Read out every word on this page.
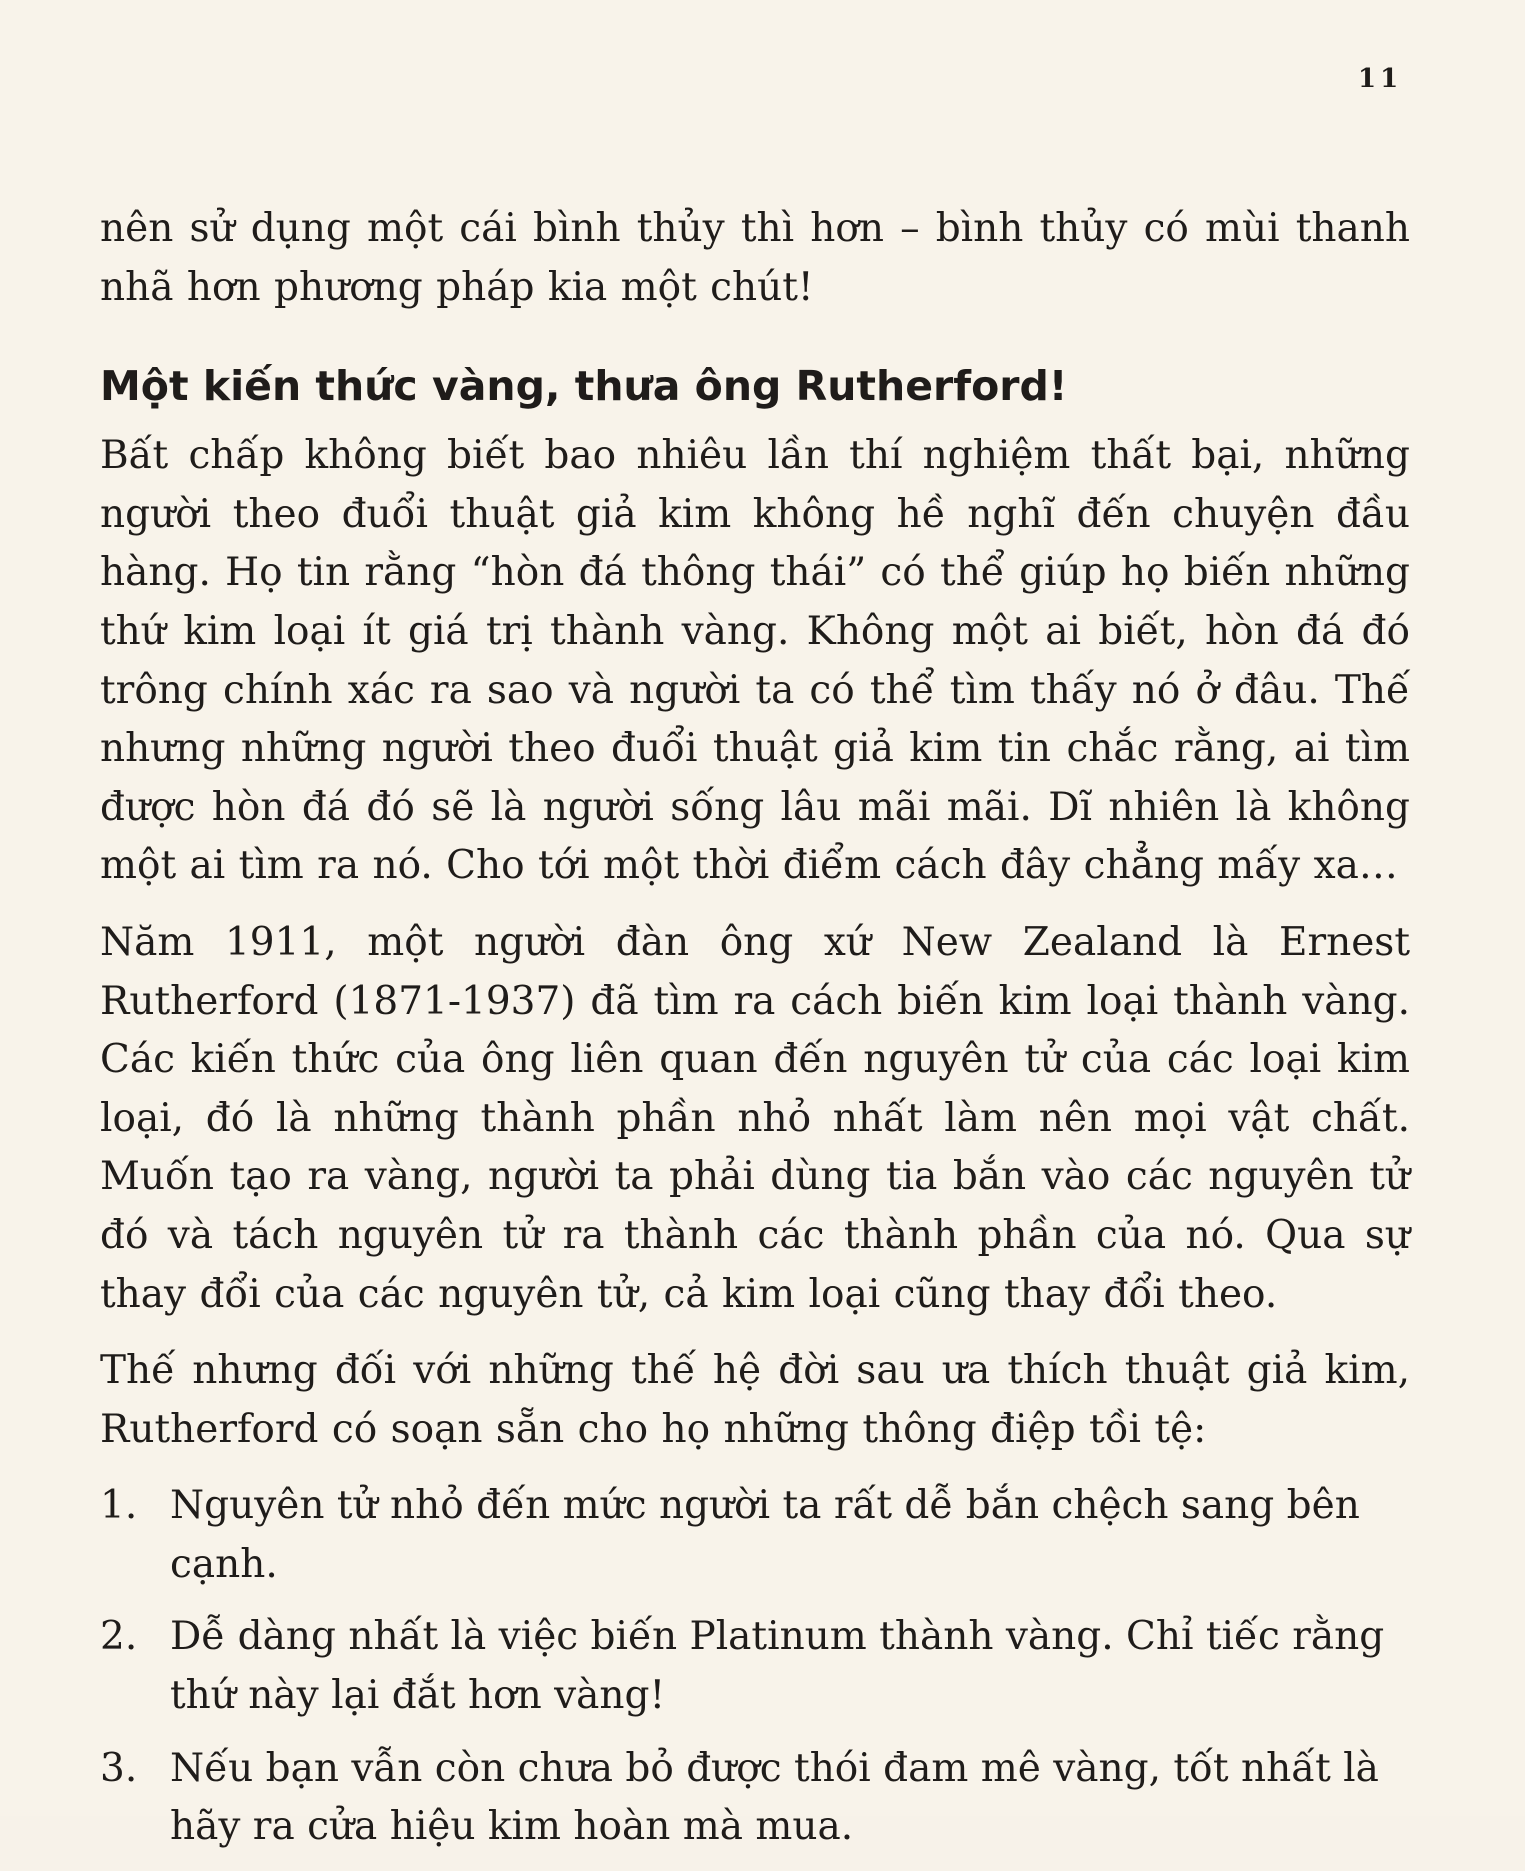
11

nên sử dụng một cái bình thủy thì hơn – bình thủy có mùi thanh nhã hơn phương pháp kia một chút!

Một kiến thức vàng, thưa ông Rutherford!

Bất chấp không biết bao nhiêu lần thí nghiệm thất bại, những người theo đuổi thuật giả kim không hề nghĩ đến chuyện đầu hàng. Họ tin rằng “hòn đá thông thái” có thể giúp họ biến những thứ kim loại ít giá trị thành vàng. Không một ai biết, hòn đá đó trông chính xác ra sao và người ta có thể tìm thấy nó ở đâu. Thế nhưng những người theo đuổi thuật giả kim tin chắc rằng, ai tìm được hòn đá đó sẽ là người sống lâu mãi mãi. Dĩ nhiên là không một ai tìm ra nó. Cho tới một thời điểm cách đây chẳng mấy xa…

Năm 1911, một người đàn ông xứ New Zealand là Ernest Rutherford (1871-1937) đã tìm ra cách biến kim loại thành vàng. Các kiến thức của ông liên quan đến nguyên tử của các loại kim loại, đó là những thành phần nhỏ nhất làm nên mọi vật chất. Muốn tạo ra vàng, người ta phải dùng tia bắn vào các nguyên tử đó và tách nguyên tử ra thành các thành phần của nó. Qua sự thay đổi của các nguyên tử, cả kim loại cũng thay đổi theo.

Thế nhưng đối với những thế hệ đời sau ưa thích thuật giả kim, Rutherford có soạn sẵn cho họ những thông điệp tồi tệ:

1. Nguyên tử nhỏ đến mức người ta rất dễ bắn chệch sang bên cạnh.
2. Dễ dàng nhất là việc biến Platinum thành vàng. Chỉ tiếc rằng thứ này lại đắt hơn vàng!
3. Nếu bạn vẫn còn chưa bỏ được thói đam mê vàng, tốt nhất là hãy ra cửa hiệu kim hoàn mà mua.
